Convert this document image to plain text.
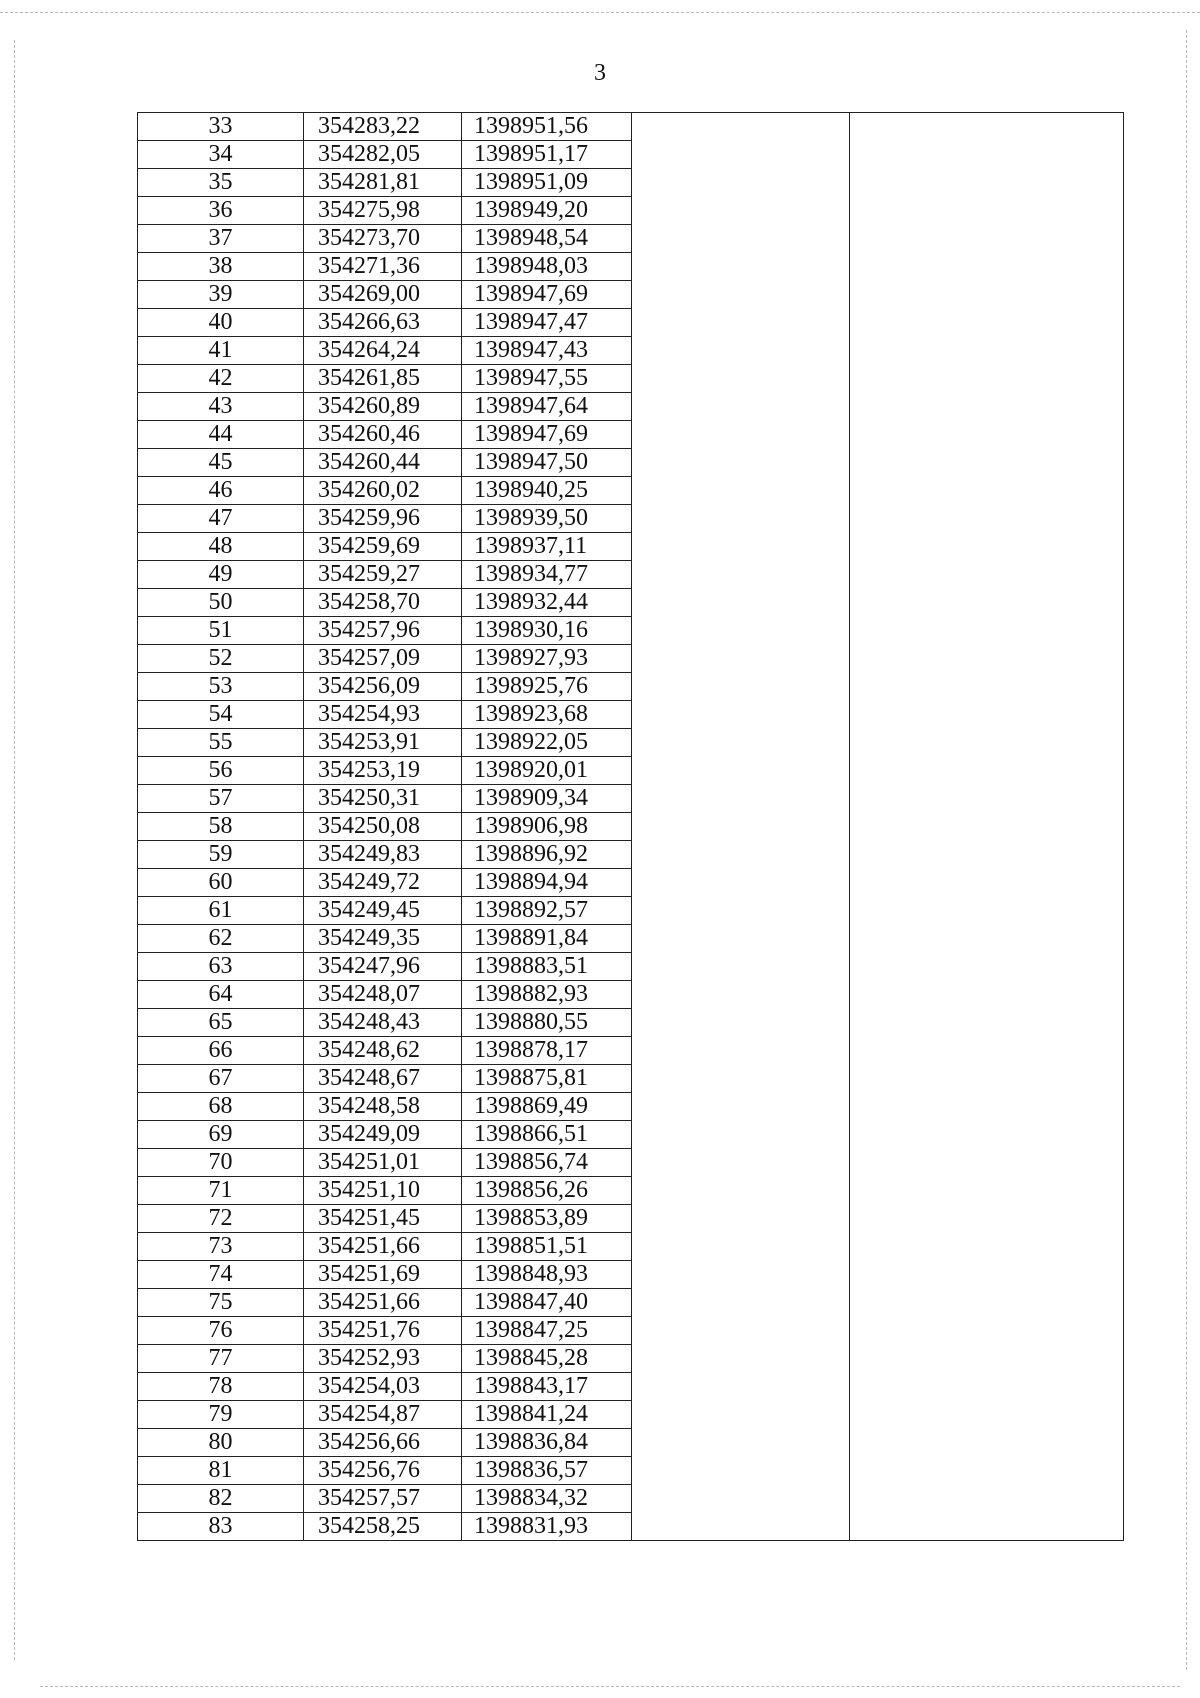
3
33	354283,22	1398951,56		
34	354282,05	1398951,17		
35	354281,81	1398951,09		
36	354275,98	1398949,20		
37	354273,70	1398948,54		
38	354271,36	1398948,03		
39	354269,00	1398947,69		
40	354266,63	1398947,47		
41	354264,24	1398947,43		
42	354261,85	1398947,55		
43	354260,89	1398947,64		
44	354260,46	1398947,69		
45	354260,44	1398947,50		
46	354260,02	1398940,25		
47	354259,96	1398939,50		
48	354259,69	1398937,11		
49	354259,27	1398934,77		
50	354258,70	1398932,44		
51	354257,96	1398930,16		
52	354257,09	1398927,93		
53	354256,09	1398925,76		
54	354254,93	1398923,68		
55	354253,91	1398922,05		
56	354253,19	1398920,01		
57	354250,31	1398909,34		
58	354250,08	1398906,98		
59	354249,83	1398896,92		
60	354249,72	1398894,94		
61	354249,45	1398892,57		
62	354249,35	1398891,84		
63	354247,96	1398883,51		
64	354248,07	1398882,93		
65	354248,43	1398880,55		
66	354248,62	1398878,17		
67	354248,67	1398875,81		
68	354248,58	1398869,49		
69	354249,09	1398866,51		
70	354251,01	1398856,74		
71	354251,10	1398856,26		
72	354251,45	1398853,89		
73	354251,66	1398851,51		
74	354251,69	1398848,93		
75	354251,66	1398847,40		
76	354251,76	1398847,25		
77	354252,93	1398845,28		
78	354254,03	1398843,17		
79	354254,87	1398841,24		
80	354256,66	1398836,84		
81	354256,76	1398836,57		
82	354257,57	1398834,32		
83	354258,25	1398831,93		
